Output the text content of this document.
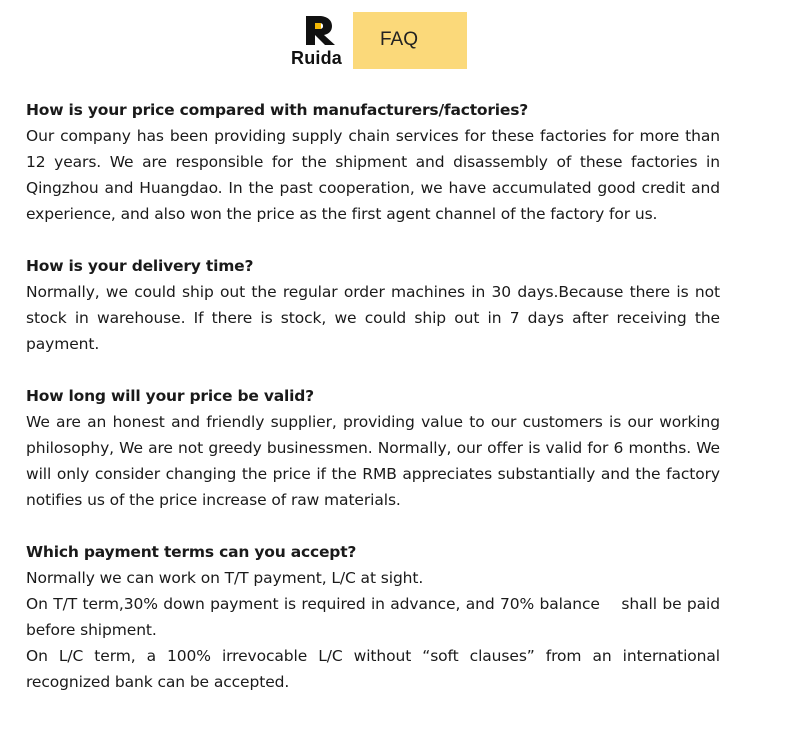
Ruida
FAQ

How is your price compared with manufacturers/factories?

Our company has been providing supply chain services for these factories for more than 12 years. We are responsible for the shipment and disassembly of these factories in Qingzhou and Huangdao. In the past cooperation, we have accumulated good credit and experience, and also won the price as the first agent channel of the factory for us.

How is your delivery time?

Normally, we could ship out the regular order machines in 30 days.Because there is not stock in warehouse. If there is stock, we could ship out in 7 days after receiving the payment.

How long will your price be valid?

We are an honest and friendly supplier, providing value to our customers is our working philosophy, We are not greedy businessmen. Normally, our offer is valid for 6 months. We will only consider changing the price if the RMB appreciates substantially and the factory notifies us of the price increase of raw materials.

Which payment terms can you accept?

Normally we can work on T/T payment, L/C at sight.

On T/T term,30% down payment is required in advance, and 70% balance    shall be paid before shipment.

On L/C term, a 100% irrevocable L/C without “soft clauses” from an international recognized bank can be accepted.
